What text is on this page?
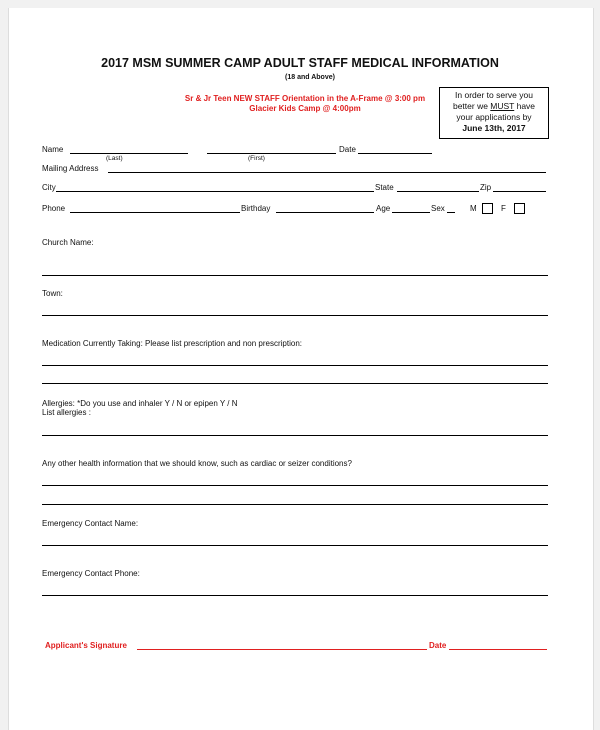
2017 MSM SUMMER CAMP ADULT STAFF MEDICAL INFORMATION
(18 and Above)
Sr & Jr Teen NEW STAFF Orientation in the A-Frame @ 3:00 pm
Glacier Kids Camp @ 4:00pm
In order to serve you
better we MUST have
your applications by
June 13th, 2017
Name	Date
(Last)	(First)
Mailing Address
City	State	Zip
Phone	Birthday	Age	Sex	M	F
Church Name:
Town:
Medication Currently Taking: Please list prescription and non prescription:
Allergies: *Do you use and inhaler Y / N or epipen Y / N
List allergies :
Any other health information that we should know, such as cardiac or seizer conditions?
Emergency Contact Name:
Emergency Contact Phone:
Applicant's Signature	Date
